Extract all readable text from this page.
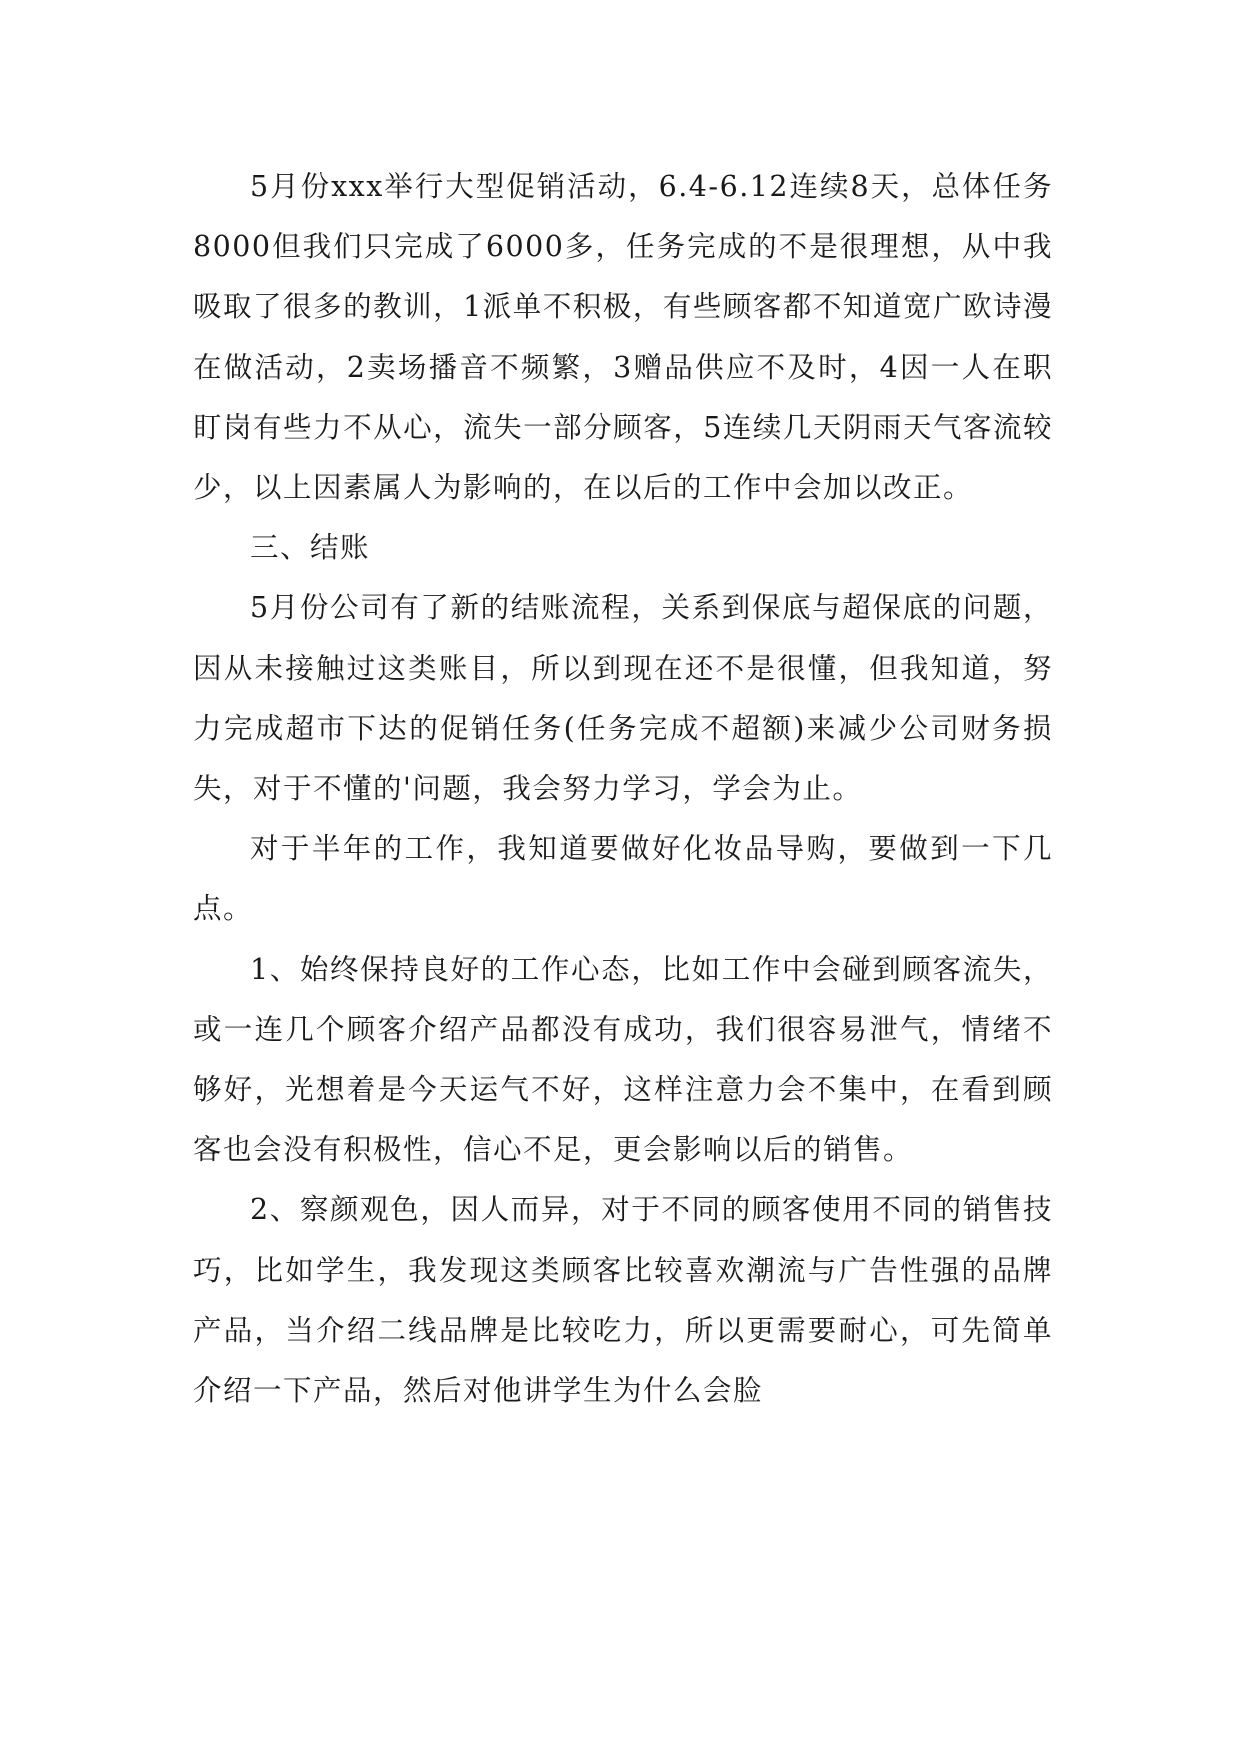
5月份xxx举行大型促销活动，6.4-6.12连续8天，总体任务8000但我们只完成了6000多，任务完成的不是很理想，从中我吸取了很多的教训，1派单不积极，有些顾客都不知道宽广欧诗漫在做活动，2卖场播音不频繁，3赠品供应不及时，4因一人在职盯岗有些力不从心，流失一部分顾客，5连续几天阴雨天气客流较少，以上因素属人为影响的，在以后的工作中会加以改正。

三、结账

5月份公司有了新的结账流程，关系到保底与超保底的问题，因从未接触过这类账目，所以到现在还不是很懂，但我知道，努力完成超市下达的促销任务(任务完成不超额)来减少公司财务损失，对于不懂的'问题，我会努力学习，学会为止。

对于半年的工作，我知道要做好化妆品导购，要做到一下几点。

1、始终保持良好的工作心态，比如工作中会碰到顾客流失，或一连几个顾客介绍产品都没有成功，我们很容易泄气，情绪不够好，光想着是今天运气不好，这样注意力会不集中，在看到顾客也会没有积极性，信心不足，更会影响以后的销售。

2、察颜观色，因人而异，对于不同的顾客使用不同的销售技巧，比如学生，我发现这类顾客比较喜欢潮流与广告性强的品牌产品，当介绍二线品牌是比较吃力，所以更需要耐心，可先简单介绍一下产品，然后对他讲学生为什么会脸
